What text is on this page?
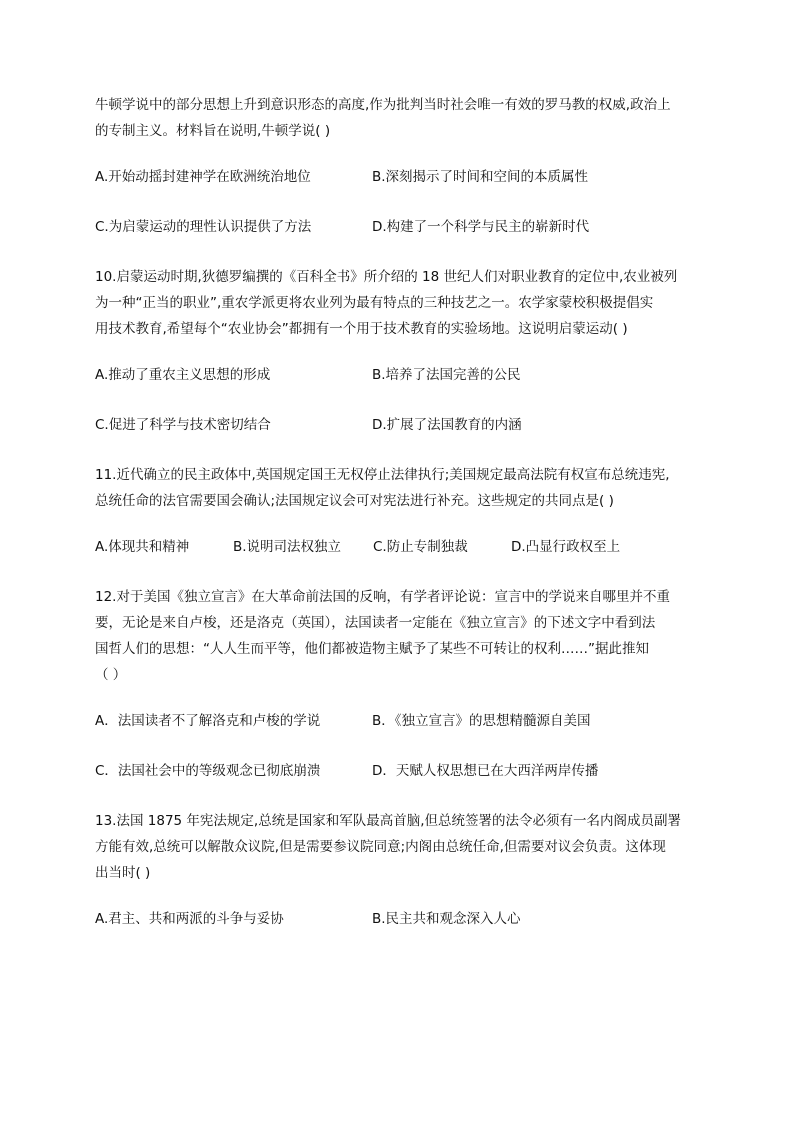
牛顿学说中的部分思想上升到意识形态的高度,作为批判当时社会唯一有效的罗马教的权威,政治上
的专制主义。材料旨在说明,牛顿学说( )

A.开始动摇封建神学在欧洲统治地位	B.深刻揭示了时间和空间的本质属性
C.为启蒙运动的理性认识提供了方法	D.构建了一个科学与民主的崭新时代

10.启蒙运动时期,狄德罗编撰的《百科全书》所介绍的 18 世纪人们对职业教育的定位中,农业被列
为一种“正当的职业”,重农学派更将农业列为最有特点的三种技艺之一。农学家蒙校积极提倡实
用技术教育,希望每个“农业协会”都拥有一个用于技术教育的实验场地。这说明启蒙运动( )

A.推动了重农主义思想的形成	B.培养了法国完善的公民
C.促进了科学与技术密切结合	D.扩展了法国教育的内涵

11.近代确立的民主政体中,英国规定国王无权停止法律执行;美国规定最高法院有权宣布总统违宪,
总统任命的法官需要国会确认;法国规定议会可对宪法进行补充。这些规定的共同点是( )

A.体现共和精神	B.说明司法权独立	C.防止专制独裁	D.凸显行政权至上

12.对于美国《独立宣言》在大革命前法国的反响，有学者评论说：宣言中的学说来自哪里并不重
要，无论是来自卢梭，还是洛克（英国），法国读者一定能在《独立宣言》的下述文字中看到法
国哲人们的思想：“人人生而平等，他们都被造物主赋予了某些不可转让的权利……”据此推知
（ ）

A．法国读者不了解洛克和卢梭的学说	B．《独立宣言》的思想精髓源自美国
C．法国社会中的等级观念已彻底崩溃	D．天赋人权思想已在大西洋两岸传播

13.法国 1875 年宪法规定,总统是国家和军队最高首脑,但总统签署的法令必须有一名内阁成员副署
方能有效,总统可以解散众议院,但是需要参议院同意;内阁由总统任命,但需要对议会负责。这体现
出当时( )

A.君主、共和两派的斗争与妥协	B.民主共和观念深入人心
